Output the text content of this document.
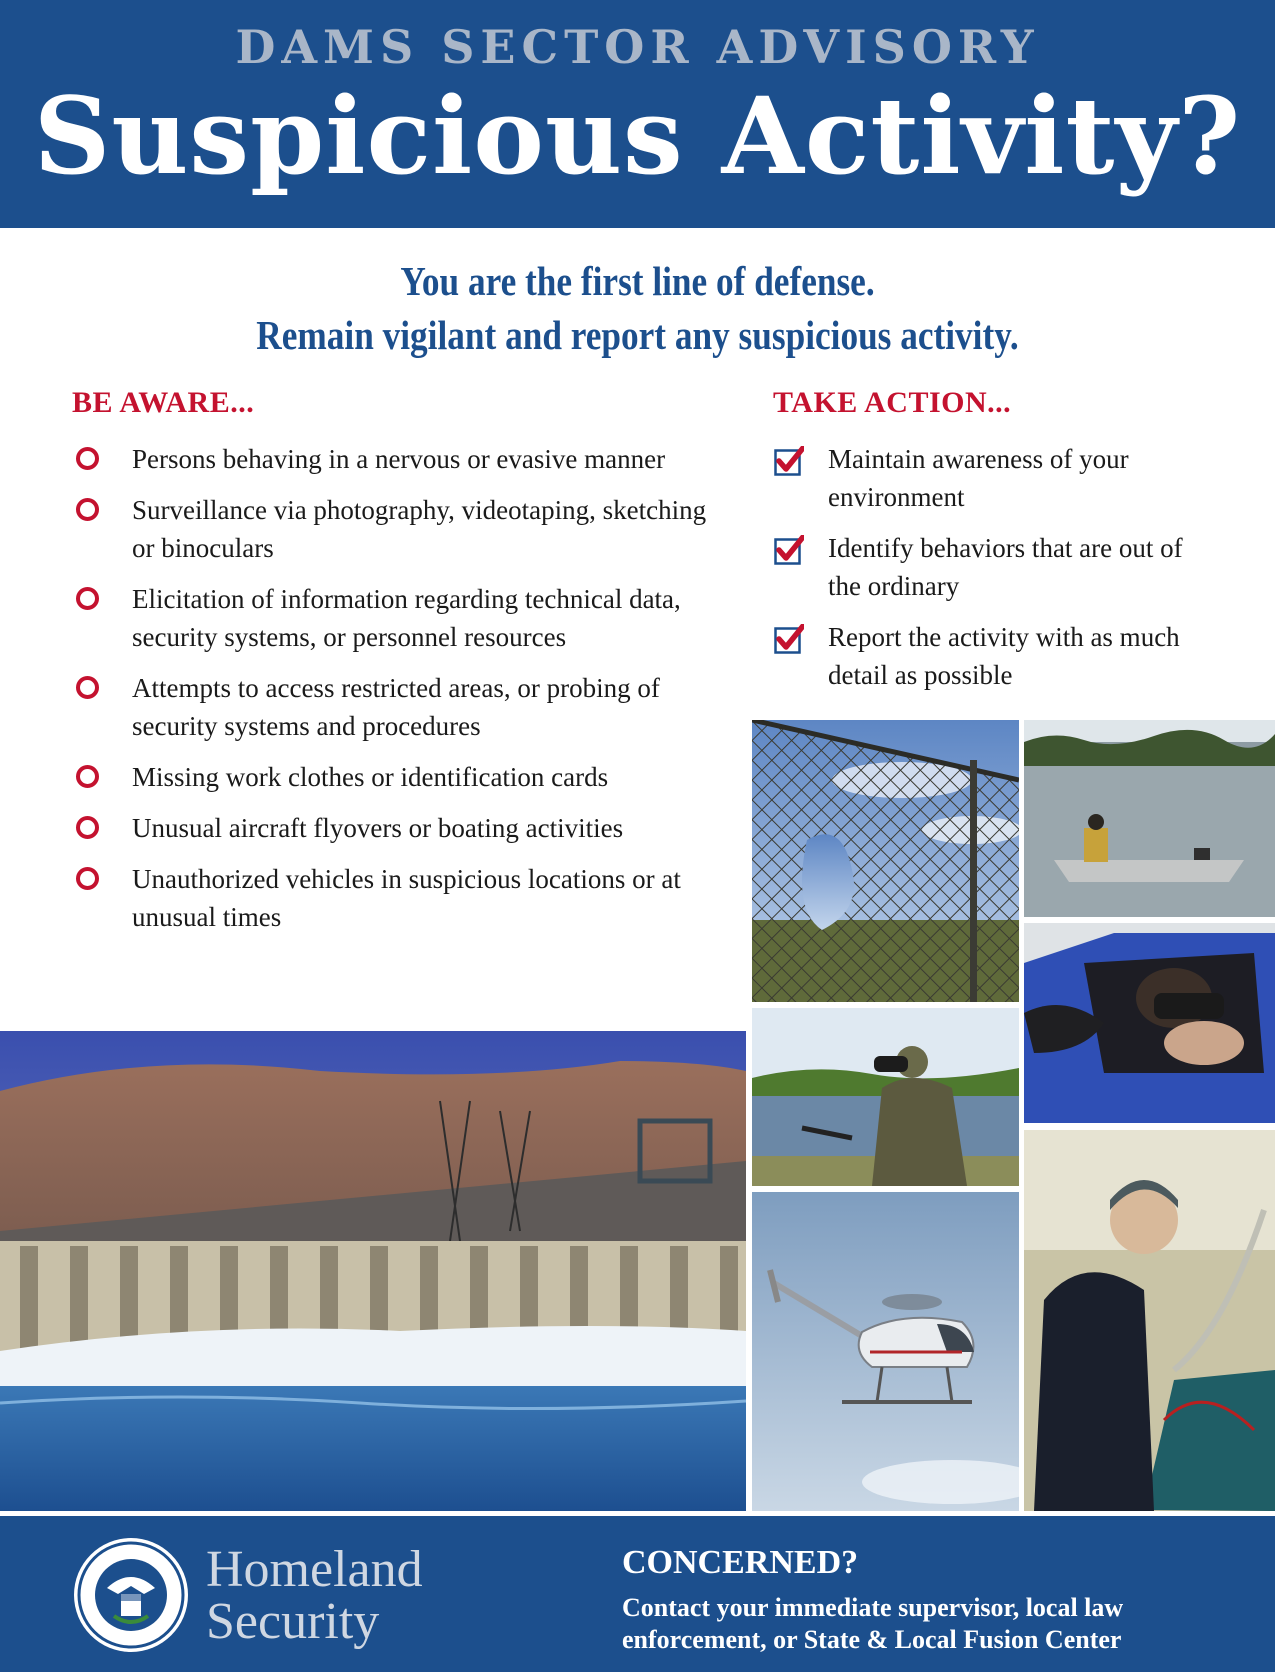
DAMS SECTOR ADVISORY
Suspicious Activity?
You are the first line of defense.
Remain vigilant and report any suspicious activity.
BE AWARE...
Persons behaving in a nervous or evasive manner
Surveillance via photography, videotaping, sketching or binoculars
Elicitation of information regarding technical data, security systems, or personnel resources
Attempts to access restricted areas, or probing of security systems and procedures
Missing work clothes or identification cards
Unusual aircraft flyovers or boating activities
Unauthorized vehicles in suspicious locations or at unusual times
TAKE ACTION...
Maintain awareness of your environment
Identify behaviors that are out of the ordinary
Report the activity with as much detail as possible
Homeland
Security
CONCERNED?
Contact your immediate supervisor, local law
enforcement, or State & Local Fusion Center
